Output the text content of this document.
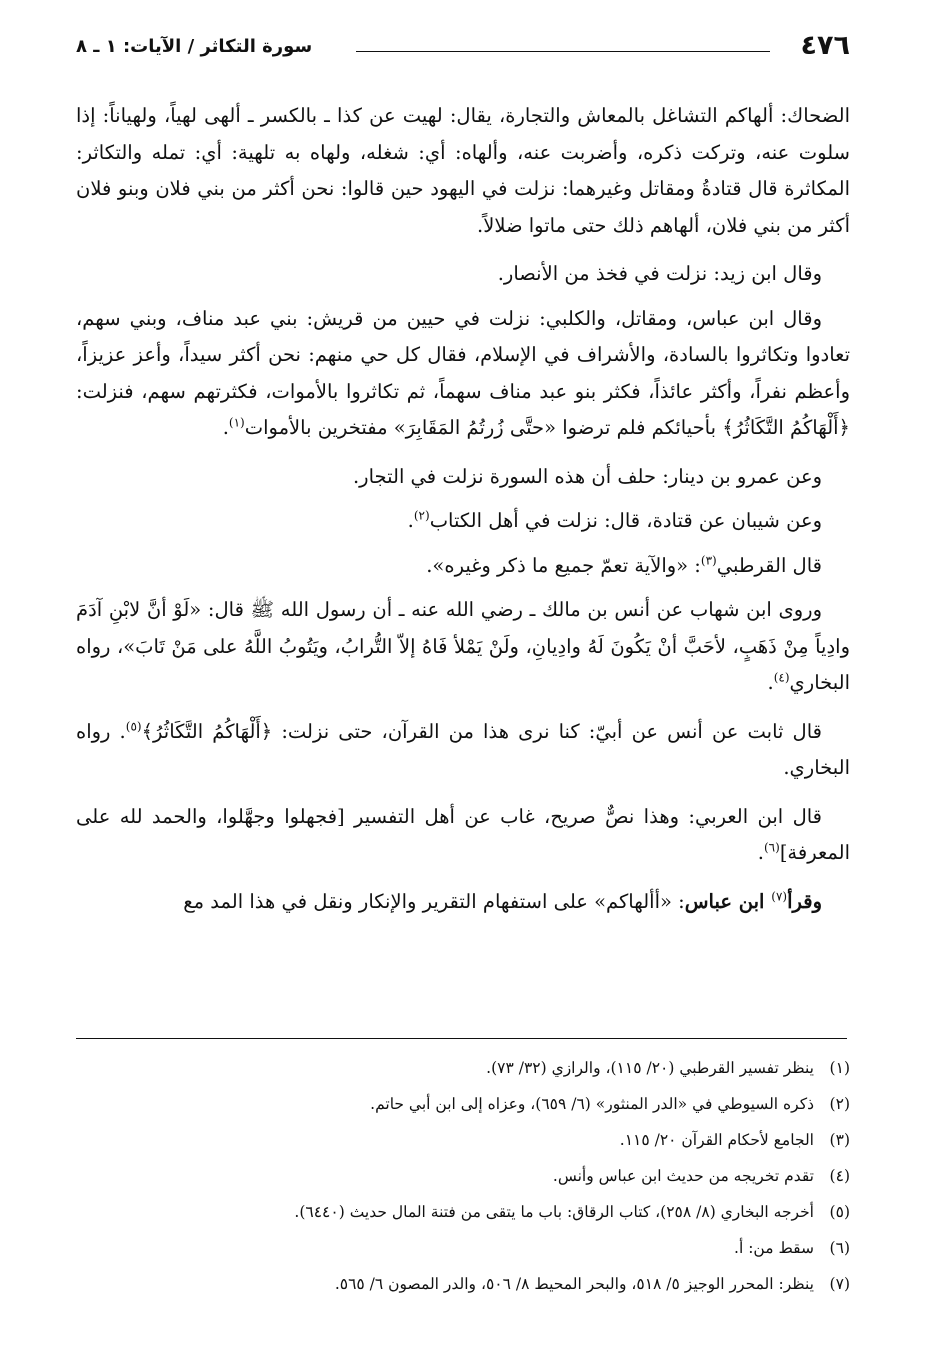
٤٧٦
سورة التكاثر / الآيات: ١ ـ ٨

الضحاك: ألهاكم التشاغل بالمعاش والتجارة، يقال: لهيت عن كذا ـ بالكسر ـ ألهى لهياً، ولهياناً: إذا سلوت عنه، وتركت ذكره، وأضربت عنه، وألهاه: أي: شغله، ولهاه به تلهية: أي: تمله والتكاثر: المكاثرة قال قتادةُ ومقاتل وغيرهما: نزلت في اليهود حين قالوا: نحن أكثر من بني فلان وبنو فلان أكثر من بني فلان، ألهاهم ذلك حتى ماتوا ضلالاً.

وقال ابن زيد: نزلت في فخذ من الأنصار.

وقال ابن عباس، ومقاتل، والكلبي: نزلت في حيين من قريش: بني عبد مناف، وبني سهم، تعادوا وتكاثروا بالسادة، والأشراف في الإسلام، فقال كل حي منهم: نحن أكثر سيداً، وأعز عزيزاً، وأعظم نفراً، وأكثر عائذاً، فكثر بنو عبد مناف سهماً، ثم تكاثروا بالأموات، فكثرتهم سهم، فنزلت: ﴿أَلْهَاكُمُ التَّكَاثُرُ﴾ بأحيائكم فلم ترضوا «حتَّى زُرتُمُ المَقَابِرَ» مفتخرين بالأموات$^{(١)}$.

وعن عمرو بن دينار: حلف أن هذه السورة نزلت في التجار.

وعن شيبان عن قتادة، قال: نزلت في أهل الكتاب$^{(٢)}$.

قال القرطبي$^{(٣)}$: «والآية تعمّ جميع ما ذكر وغيره».

وروى ابن شهاب عن أنس بن مالك ـ رضي الله عنه ـ أن رسول الله ﷺ قال: «لَوْ أنَّ لابْنِ آدَمَ وادِياً مِنْ ذَهَبٍ، لأحَبَّ أنْ يَكُونَ لَهُ وادِيانِ، ولَنْ يَمْلأ فَاهُ إلاّ التُّرابُ، ويَتُوبُ اللَّهُ على مَنْ تَابَ»، رواه البخاري$^{(٤)}$.

قال ثابت عن أنس عن أبيّ: كنا نرى هذا من القرآن، حتى نزلت: ﴿أَلْهَاكُمُ التَّكَاثُرُ﴾$^{(٥)}$. رواه البخاري.

قال ابن العربي: وهذا نصٌّ صريح، غاب عن أهل التفسير [فجهلوا وجهَّلوا، والحمد لله على المعرفة]$^{(٦)}$.

وقرأ$^{(٧)}$ ابن عباس: «أألهاكم» على استفهام التقرير والإنكار ونقل في هذا المد مع

(١)ينظر تفسير القرطبي (٢٠/ ١١٥)، والرازي (٣٢/ ٧٣).
(٢)ذكره السيوطي في «الدر المنثور» (٦/ ٦٥٩)، وعزاه إلى ابن أبي حاتم.
(٣)الجامع لأحكام القرآن ٢٠/ ١١٥.
(٤)تقدم تخريجه من حديث ابن عباس وأنس.
(٥)أخرجه البخاري (٨/ ٢٥٨)، كتاب الرقاق: باب ما يتقى من فتنة المال حديث (٦٤٤٠).
(٦)سقط من: أ.
(٧)ينظر: المحرر الوجيز ٥/ ٥١٨، والبحر المحيط ٨/ ٥٠٦، والدر المصون ٦/ ٥٦٥.
